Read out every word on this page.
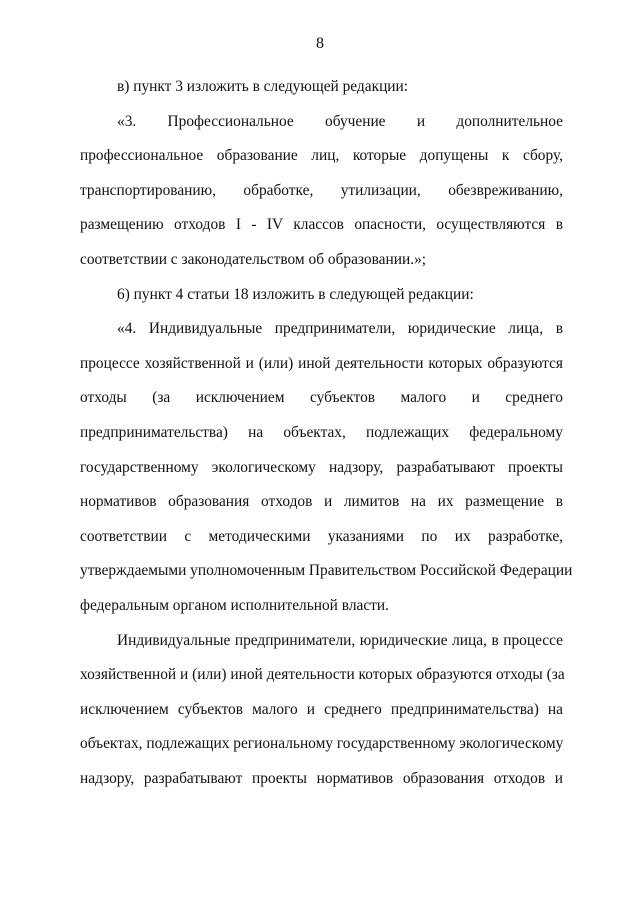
8
в) пункт 3 изложить в следующей редакции:
«3. Профессиональное обучение и дополнительное
профессиональное образование лиц, которые допущены к сбору,
транспортированию, обработке, утилизации, обезвреживанию,
размещению отходов I - IV классов опасности, осуществляются в
соответствии с законодательством об образовании.»;
6) пункт 4 статьи 18 изложить в следующей редакции:
«4. Индивидуальные предприниматели, юридические лица, в
процессе хозяйственной и (или) иной деятельности которых образуются
отходы (за исключением субъектов малого и среднего
предпринимательства) на объектах, подлежащих федеральному
государственному экологическому надзору, разрабатывают проекты
нормативов образования отходов и лимитов на их размещение в
соответствии с методическими указаниями по их разработке,
утверждаемыми уполномоченным Правительством Российской Федерации
федеральным органом исполнительной власти.
Индивидуальные предприниматели, юридические лица, в процессе
хозяйственной и (или) иной деятельности которых образуются отходы (за
исключением субъектов малого и среднего предпринимательства) на
объектах, подлежащих региональному государственному экологическому
надзору, разрабатывают проекты нормативов образования отходов и
